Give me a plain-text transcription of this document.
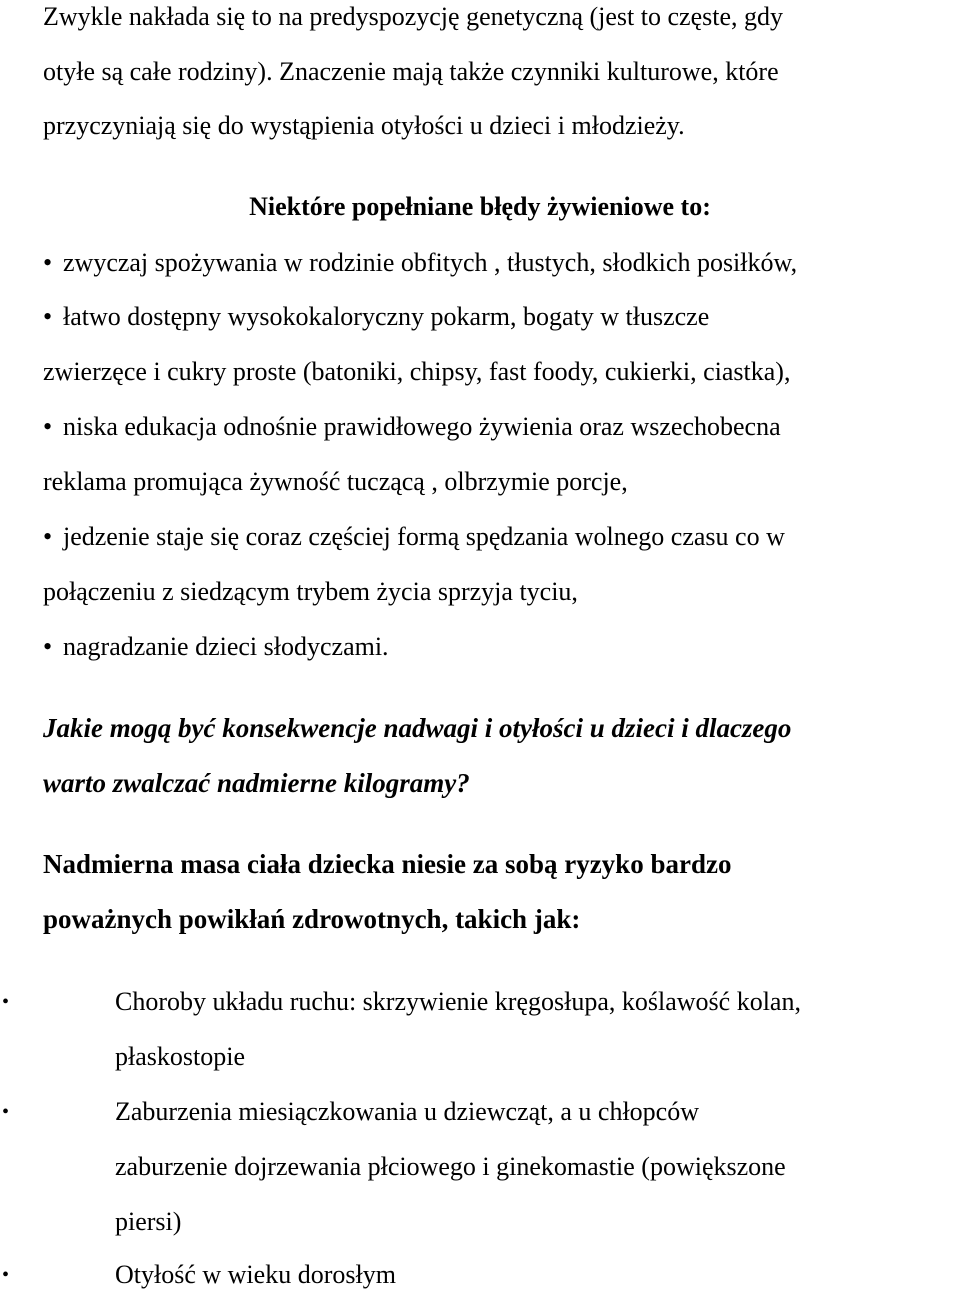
Zwykle nakłada się to na predyspozycję genetyczną (jest to częste, gdy

otyłe są całe rodziny). Znaczenie mają także czynniki kulturowe, które

przyczyniają się do wystąpienia otyłości u dzieci i młodzieży.

Niektóre popełniane błędy żywieniowe to:

• zwyczaj spożywania w rodzinie obfitych , tłustych, słodkich posiłków,

• łatwo dostępny wysokokaloryczny pokarm, bogaty w tłuszcze

zwierzęce i cukry proste (batoniki, chipsy, fast foody, cukierki, ciastka),

• niska edukacja odnośnie prawidłowego żywienia oraz wszechobecna

reklama promująca żywność tuczącą , olbrzymie porcje,

• jedzenie staje się coraz częściej formą spędzania wolnego czasu co w

połączeniu z siedzącym trybem życia sprzyja tyciu,

• nagradzanie dzieci słodyczami.

Jakie mogą być konsekwencje nadwagi i otyłości u dzieci i dlaczego

warto zwalczać nadmierne kilogramy?

Nadmierna masa ciała dziecka niesie za sobą ryzyko bardzo

poważnych powikłań zdrowotnych, takich jak:

•	Choroby układu ruchu: skrzywienie kręgosłupa, koślawość kolan,

płaskostopie

•	Zaburzenia miesiączkowania u dziewcząt, a u chłopców

zaburzenie dojrzewania płciowego i ginekomastie (powiększone

piersi)

•	Otyłość w wieku dorosłym
